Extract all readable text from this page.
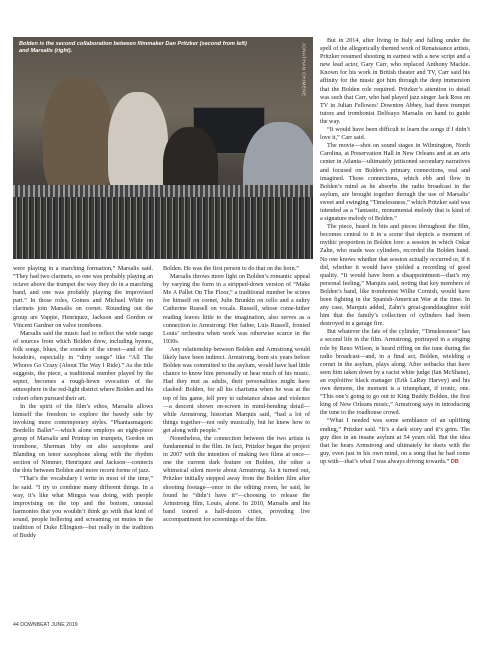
Bolden is the second collaboration between filmmaker Dan Pritzker (second from left) and Marsalis (right).	JONATHAN CHIMENE

were playing in a marching formation,” Marsalis said. “They had two clarinets, so one was probably playing an octave above the trumpet the way they do in a marching band, and one was probably playing the improvised part.” In those roles, Goines and Michael White on clarinets join Marsalis on cornet. Rounding out the group are Vappie, Henriquez, Jackson and Gordon or Vincent Gardner on valve trombone.

Marsalis said the music had to reflect the wide range of sources from which Bolden drew, including hymns, folk songs, blues, the sounds of the street—and of the boudoirs, especially in “dirty songs” like “All The Whores Go Crazy (About The Way I Ride).” As the title suggests, the piece, a traditional number played by the septet, becomes a rough-hewn evocation of the atmosphere in the red-light district where Bolden and his cohort often pursued their art.

In the spirit of the film’s ethos, Marsalis allows himself the freedom to explore the bawdy side by invoking more contemporary styles. “Phantasmagoric Bordello Ballet”—which alone employs an eight-piece group of Marsalis and Printup on trumpets, Gordon on trombone, Sherman Irby on alto saxophone and Blanding on tenor saxophone along with the rhythm section of Nimmer, Henriquez and Jackson—connects the dots between Bolden and more recent forms of jazz.

“That’s the vocabulary I write in most of the time,” he said. “I try to combine many different things. In a way, it’s like what Mingus was doing, with people improvising on the top and the bottom, unusual harmonies that you wouldn’t think go with that kind of sound, people hollering and screaming on mutes in the tradition of Duke Ellington—but really in the tradition of Buddy

Bolden. He was the first person to do that on the horn.”

Marsalis throws more light on Bolden’s romantic appeal by varying the form in a stripped-down version of “Make Me A Pallet On The Floor,” a traditional number he scores for himself on cornet, Julie Brunkin on cello and a sultry Catherine Russell on vocals. Russell, whose come-hither reading leaves little to the imagination, also serves as a connection to Armstrong: Her father, Luis Russell, fronted Louis’ orchestra when work was otherwise scarce in the 1930s.

Any relationship between Bolden and Armstrong would likely have been indirect. Armstrong, born six years before Bolden was committed to the asylum, would have had little chance to know him personally or hear much of his music. Had they met as adults, their personalities might have clashed: Bolden, for all his charisma when he was at the top of his game, fell prey to substance abuse and violence—a descent shown on-screen in mind-bending detail—while Armstrong, historian Marquis said, “had a lot of things together—not only musically, but he knew how to get along with people.”

Nonetheless, the connection between the two artists is fundamental to the film. In fact, Pritzker began the project in 2007 with the intention of making two films at once—one the current dark feature on Bolden, the other a whimsical silent movie about Armstrong. As it turned out, Pritzker initially stepped away from the Bolden film after shooting footage—once in the editing room, he said, he found he “didn’t have it”—choosing to release the Armstrong film, Louis, alone. In 2010, Marsalis and his band toured a half-dozen cities, providing live accompaniment for screenings of the film.

But in 2014, after living in Italy and falling under the spell of the allegorically themed work of Renaissance artists, Pritzker resumed shooting in earnest with a new script and a new lead actor, Gary Carr, who replaced Anthony Mackie. Known for his work in British theater and TV, Carr said his affinity for the music got him through the deep immersion that the Bolden role required. Pritzker’s attention to detail was such that Carr, who had played jazz singer Jack Ross on TV in Julian Fellowes’ Downton Abbey, had three trumpet tutors and trombonist Delfeayo Marsalis on hand to guide the way.

“It would have been difficult to learn the songs if I didn’t love it,” Carr said.

The movie—shot on sound stages in Wilmington, North Carolina, at Preservation Hall in New Orleans and at an arts center in Atlanta—ultimately jettisoned secondary narratives and focused on Bolden’s primary connections, real and imagined. Those connections, which ebb and flow in Bolden’s mind as he absorbs the radio broadcast in the asylum, are brought together through the use of Marsalis’ sweet and swinging “Timelessness,” which Pritzker said was intended as a “fantastic, monumental melody that is kind of a signature melody of Bolden.”

The piece, heard in bits and pieces throughout the film, becomes central to it in a scene that depicts a moment of mythic proportion in Bolden lore: a session in which Oskar Zahn, who made wax cylinders, recorded the Bolden band. No one knows whether that session actually occurred or, if it did, whether it would have yielded a recording of good quality. “It would have been a disappointment—that’s my personal feeling,” Marquis said, noting that key members of Bolden’s band, like trombonist Willie Cornish, would have been fighting in the Spanish-American War at the time. In any case, Marquis added, Zahn’s great-granddaughter told him that the family’s collection of cylinders had been destroyed in a garage fire.

But whatever the fate of the cylinder, “Timelessness” has a second life in the film. Armstrong, portrayed in a singing role by Reno Wilson, is heard riffing on the tune during the radio broadcast—and, in a final act, Bolden, wielding a cornet in the asylum, plays along. After setbacks that have seen him taken down by a racist white judge (Ian McShane), an exploitive black manager (Erik LaRay Harvey) and his own demons, the moment is a triumphant, if ironic, one. “This one’s going to go out to King Buddy Bolden, the first king of New Orleans music,” Armstrong says in introducing the tune to the roadhouse crowd.

“What I needed was some semblance of an uplifting ending,” Pritzker said. “It’s a dark story and it’s grim. The guy dies in an insane asylum at 54 years old. But the idea that he hears Armstrong and ultimately he duets with the guy, even just in his own mind, on a song that he had come up with—that’s what I was always driving towards.” DB

44 DOWNBEAT JUNE 2019
